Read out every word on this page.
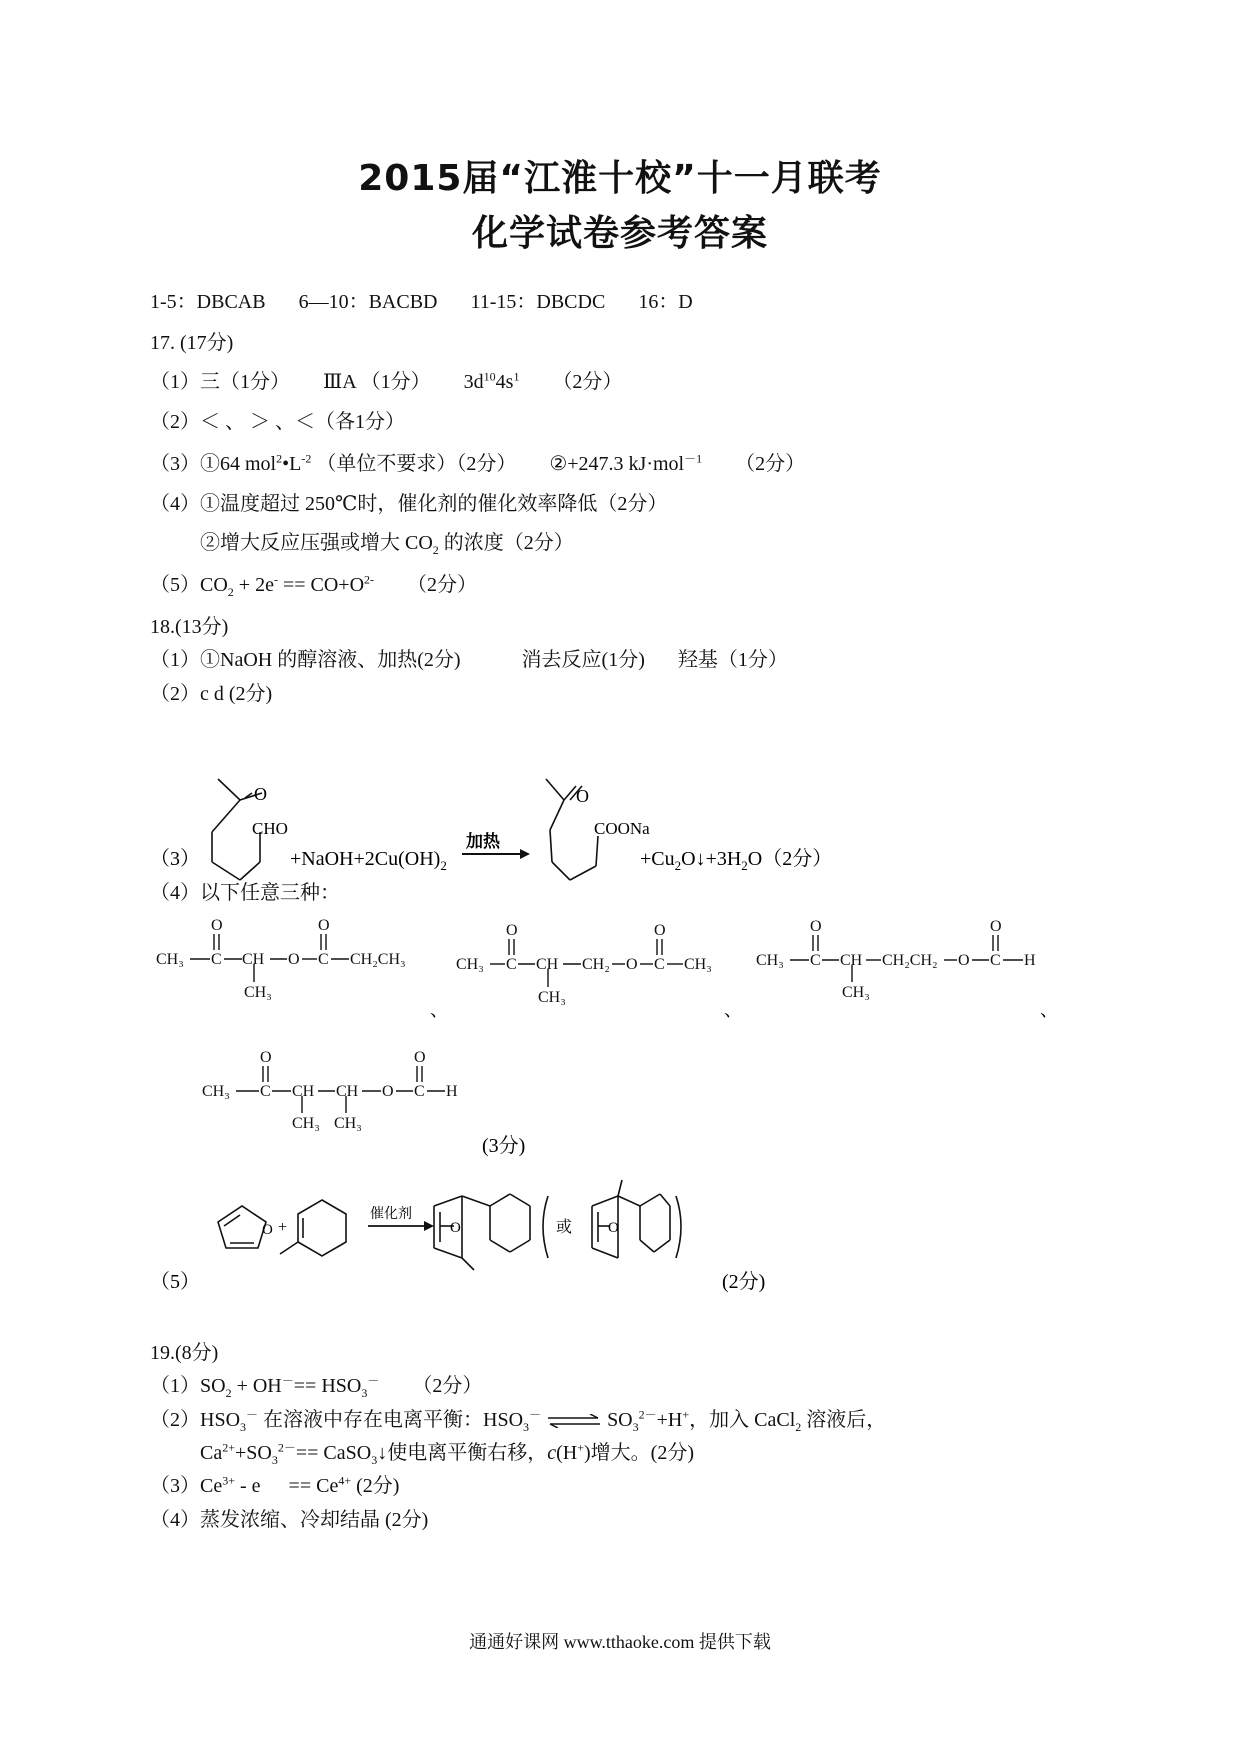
2015届“江淮十校”十一月联考
化学试卷参考答案
1-5：DBCAB 6—10：BACBD 11-15：DBCDC 16：D
17. (17分)
（1）三（1分） ⅢA （1分） $3d^{10}4s^1$ （2分）
（2）＜ 、 ＞ 、＜（各1分）
（3）①64 $mol^2•L^{-2}$ （单位不要求）（2分） ②+247.3 kJ·mol$^{-1}$ （2分）
（4）①温度超过 250℃时，催化剂的催化效率降低（2分）
②增大反应压强或增大 $CO_2$ 的浓度（2分）
$(5)CO_2 + 2e^- == CO+O^{2-}$ （2分）
18.(13分)
（1）①NaOH 的醇溶液、加热(2分)	消去反应(1分) 羟基（1分）
（2）c d (2分)
O
CHO
（3）	$+NaOH+2Cu(OH)_2$
加热
O
COONa
$+Cu_2O↓+3H_2O(2$分）
（4）以下任意三种：
CH₃ C CH O C CH₂CH₃
CH₃
O	O
CH₃ C CH CH₂ O C CH₃
CH₃
O	O
CH₃ C CH CH₂CH₂ O C H
CH₃
O	O
CH₃ C CH CH O C H
CH₃ CH₃
O	O
、	、	、
(3分)
O +
催化剂
O	或 O
（5）	(2分)
19.(8分)
$(1)SO_2 + OH^-== HSO_3^-$ （2分）
$(2)HSO_3^-$ 在溶液中存在电离平衡：$HSO_3^-$ ⇌ $SO_3^{2-}+H^+$，加入 CaCl$_2$ 溶液后，
$Ca^{2+}+SO_3^{2-}==$ CaSO$_3$↓使电离平衡右移，c(H+)增大。(2分)
$(3)Ce^{3+} - e == Ce^{4+}$ (2分)
（4）蒸发浓缩、冷却结晶 (2分)
通通好课网 www.tthaoke.com 提供下载
